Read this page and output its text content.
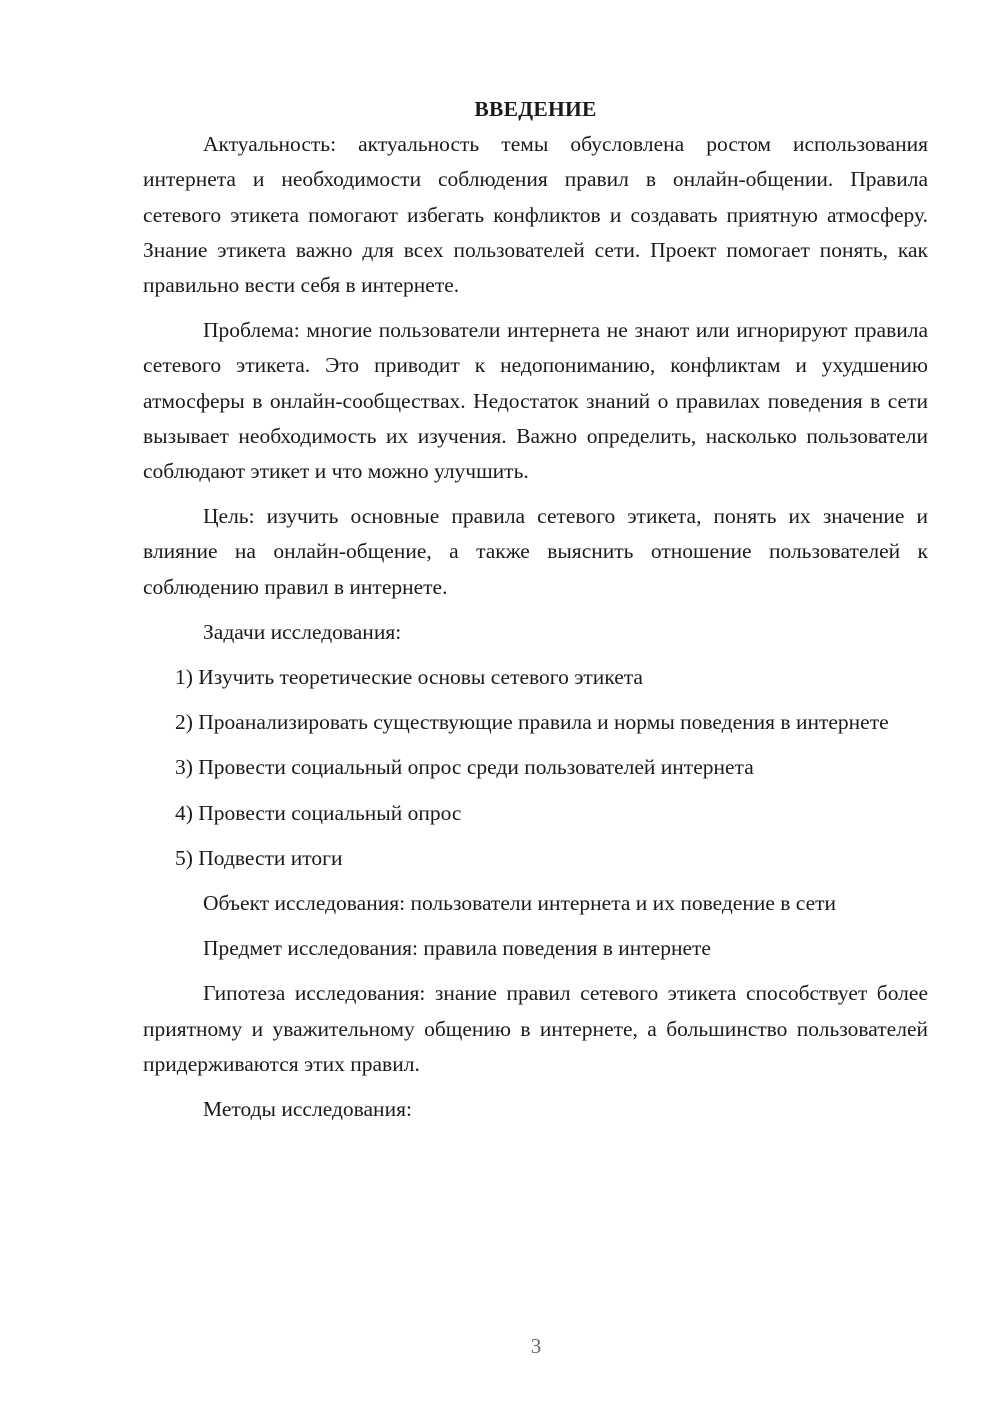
ВВЕДЕНИЕ

Актуальность: актуальность темы обусловлена ростом использования интернета и необходимости соблюдения правил в онлайн-общении. Правила сетевого этикета помогают избегать конфликтов и создавать приятную атмосферу. Знание этикета важно для всех пользователей сети. Проект помогает понять, как правильно вести себя в интернете.

Проблема: многие пользователи интернета не знают или игнорируют правила сетевого этикета. Это приводит к недопониманию, конфликтам и ухудшению атмосферы в онлайн-сообществах. Недостаток знаний о правилах поведения в сети вызывает необходимость их изучения. Важно определить, насколько пользователи соблюдают этикет и что можно улучшить.

Цель: изучить основные правила сетевого этикета, понять их значение и влияние на онлайн-общение, а также выяснить отношение пользователей к соблюдению правил в интернете.

Задачи исследования:

1) Изучить теоретические основы сетевого этикета

2) Проанализировать существующие правила и нормы поведения в интернете

3) Провести социальный опрос среди пользователей интернета

4) Провести социальный опрос

5) Подвести итоги

Объект исследования: пользователи интернета и их поведение в сети

Предмет исследования: правила поведения в интернете

Гипотеза исследования: знание правил сетевого этикета способствует более приятному и уважительному общению в интернете, а большинство пользователей придерживаются этих правил.

Методы исследования:

3
